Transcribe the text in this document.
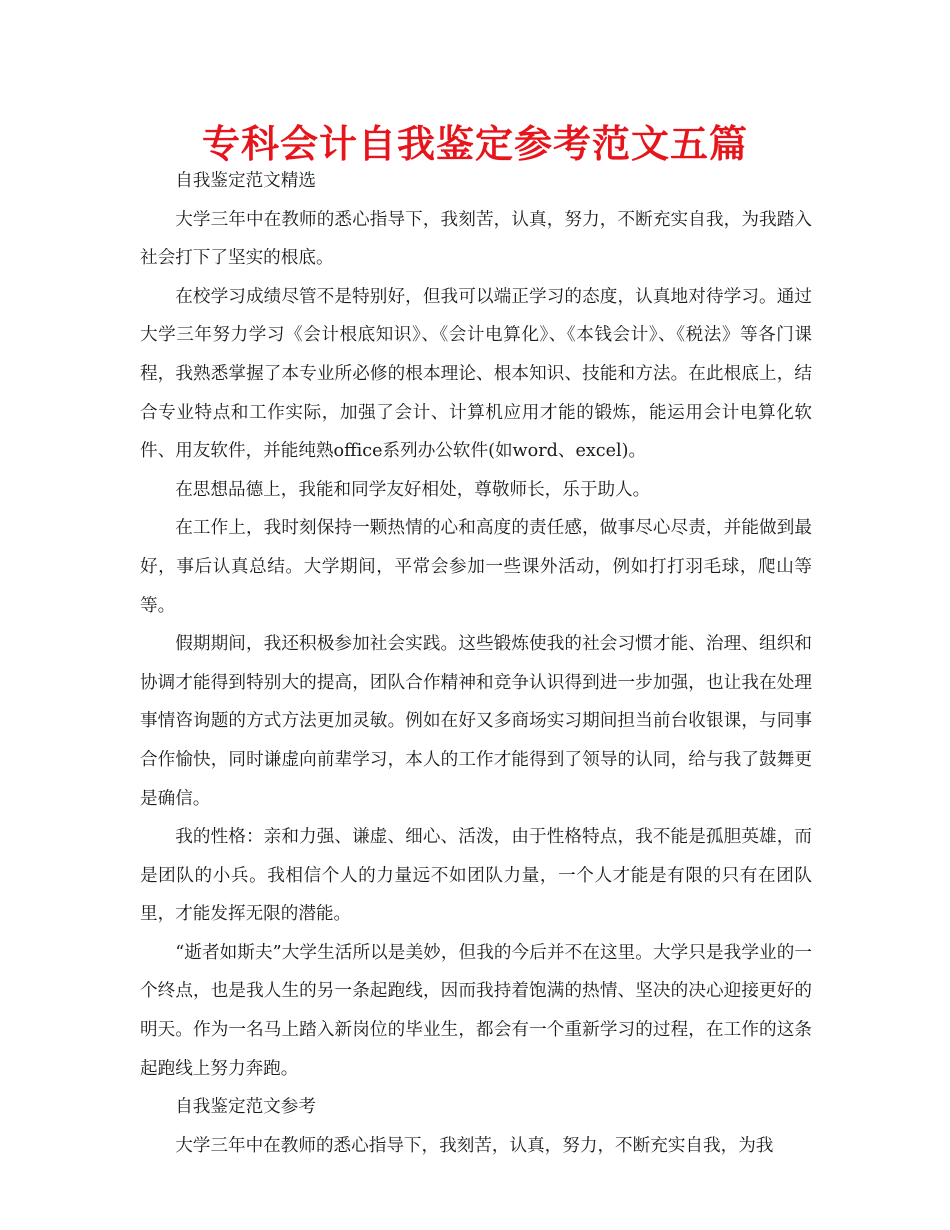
专科会计自我鉴定参考范文五篇

自我鉴定范文精选

大学三年中在教师的悉心指导下，我刻苦，认真，努力，不断充实自我，为我踏入社会打下了坚实的根底。

在校学习成绩尽管不是特别好，但我可以端正学习的态度，认真地对待学习。通过大学三年努力学习《会计根底知识》、《会计电算化》、《本钱会计》、《税法》等各门课程，我熟悉掌握了本专业所必修的根本理论、根本知识、技能和方法。在此根底上，结合专业特点和工作实际，加强了会计、计算机应用才能的锻炼，能运用会计电算化软件、用友软件，并能纯熟office系列办公软件(如word、excel)。

在思想品德上，我能和同学友好相处，尊敬师长，乐于助人。

在工作上，我时刻保持一颗热情的心和高度的责任感，做事尽心尽责，并能做到最好，事后认真总结。大学期间，平常会参加一些课外活动，例如打打羽毛球，爬山等等。

假期期间，我还积极参加社会实践。这些锻炼使我的社会习惯才能、治理、组织和协调才能得到特别大的提高，团队合作精神和竞争认识得到进一步加强，也让我在处理事情咨询题的方式方法更加灵敏。例如在好又多商场实习期间担当前台收银课，与同事合作愉快，同时谦虚向前辈学习，本人的工作才能得到了领导的认同，给与我了鼓舞更是确信。

我的性格：亲和力强、谦虚、细心、活泼，由于性格特点，我不能是孤胆英雄，而是团队的小兵。我相信个人的力量远不如团队力量，一个人才能是有限的只有在团队里，才能发挥无限的潜能。

“逝者如斯夫”大学生活所以是美妙，但我的今后并不在这里。大学只是我学业的一个终点，也是我人生的另一条起跑线，因而我持着饱满的热情、坚决的决心迎接更好的明天。作为一名马上踏入新岗位的毕业生，都会有一个重新学习的过程，在工作的这条起跑线上努力奔跑。

自我鉴定范文参考

大学三年中在教师的悉心指导下，我刻苦，认真，努力，不断充实自我，为我
